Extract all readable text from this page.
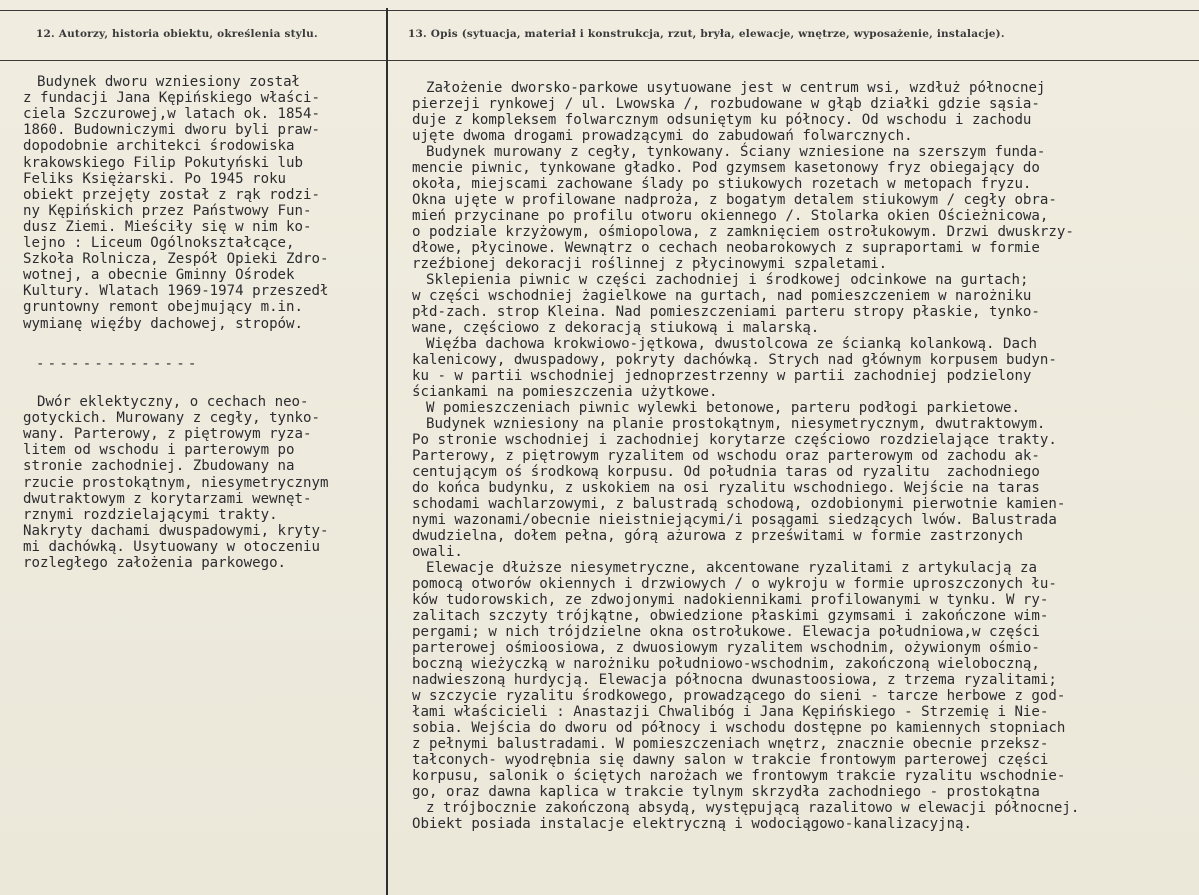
12. Autorzy, historia obiektu, określenia stylu.	13. Opis (sytuacja, materiał i konstrukcja, rzut, bryła, elewacje, wnętrze, wyposażenie, instalacje).
Budynek dworu wzniesiony został
z fundacji Jana Kępińskiego właści-
ciela Szczurowej,w latach ok. 1854-
1860. Budowniczymi dworu byli praw-
dopodobnie architekci środowiska
krakowskiego Filip Pokutyński lub
Feliks Księżarski. Po 1945 roku
obiekt przejęty został z rąk rodzi-
ny Kępińskich przez Państwowy Fun-
dusz Ziemi. Mieściły się w nim ko-
lejno : Liceum Ogólnokształcące,
Szkoła Rolnicza, Zespół Opieki Zdro-
wotnej, a obecnie Gminny Ośrodek
Kultury. Wlatach 1969-1974 przeszedł
gruntowny remont obejmujący m.in.
wymianę więźby dachowej, stropów.
--------------
Dwór eklektyczny, o cechach neo-
gotyckich. Murowany z cegły, tynko-
wany. Parterowy, z piętrowym ryza-
litem od wschodu i parterowym po
stronie zachodniej. Zbudowany na
rzucie prostokątnym, niesymetrycznym
dwutraktowym z korytarzami wewnęt-
rznymi rozdzielającymi trakty.
Nakryty dachami dwuspadowymi, kryty-
mi dachówką. Usytuowany w otoczeniu
rozległego założenia parkowego.
Założenie dworsko-parkowe usytuowane jest w centrum wsi, wzdłuż północnej
pierzeji rynkowej / ul. Lwowska /, rozbudowane w głąb działki gdzie sąsia-
duje z kompleksem folwarcznym odsuniętym ku północy. Od wschodu i zachodu
ujęte dwoma drogami prowadzącymi do zabudowań folwarcznych.
Budynek murowany z cegły, tynkowany. Ściany wzniesione na szerszym funda-
mencie piwnic, tynkowane gładko. Pod gzymsem kasetonowy fryz obiegający do
okoła, miejscami zachowane ślady po stiukowych rozetach w metopach fryzu.
Okna ujęte w profilowane nadproża, z bogatym detalem stiukowym / cegły obra-
mień przycinane po profilu otworu okiennego /. Stolarka okien Ościeżnicowa,
o podziale krzyżowym, ośmiopolowa, z zamknięciem ostrołukowym. Drzwi dwuskrzy-
dłowe, płycinowe. Wewnątrz o cechach neobarokowych z supraportami w formie
rzeźbionej dekoracji roślinnej z płycinowymi szpaletami.
Sklepienia piwnic w części zachodniej i środkowej odcinkowe na gurtach;
w części wschodniej żagielkowe na gurtach, nad pomieszczeniem w narożniku
płd-zach. strop Kleina. Nad pomieszczeniami parteru stropy płaskie, tynko-
wane, częściowo z dekoracją stiukową i malarską.
Więźba dachowa krokwiowo-jętkowa, dwustolcowa ze ścianką kolankową. Dach
kalenicowy, dwuspadowy, pokryty dachówką. Strych nad głównym korpusem budyn-
ku - w partii wschodniej jednoprzestrzenny w partii zachodniej podzielony
ściankami na pomieszczenia użytkowe.
W pomieszczeniach piwnic wylewki betonowe, parteru podłogi parkietowe.
Budynek wzniesiony na planie prostokątnym, niesymetrycznym, dwutraktowym.
Po stronie wschodniej i zachodniej korytarze częściowo rozdzielające trakty.
Parterowy, z piętrowym ryzalitem od wschodu oraz parterowym od zachodu ak-
centującym oś środkową korpusu. Od południa taras od ryzalitu  zachodniego
do końca budynku, z uskokiem na osi ryzalitu wschodniego. Wejście na taras
schodami wachlarzowymi, z balustradą schodową, ozdobionymi pierwotnie kamien-
nymi wazonami/obecnie nieistniejącymi/i posągami siedzących lwów. Balustrada
dwudzielna, dołem pełna, górą ażurowa z prześwitami w formie zastrzonych
owali.
Elewacje dłuższe niesymetryczne, akcentowane ryzalitami z artykulacją za
pomocą otworów okiennych i drzwiowych / o wykroju w formie uproszczonych łu-
ków tudorowskich, ze zdwojonymi nadokiennikami profilowanymi w tynku. W ry-
zalitach szczyty trójkątne, obwiedzione płaskimi gzymsami i zakończone wim-
pergami; w nich trójdzielne okna ostrołukowe. Elewacja południowa,w części
parterowej ośmioosiowa, z dwuosiowym ryzalitem wschodnim, ożywionym ośmio-
boczną wieżyczką w narożniku południowo-wschodnim, zakończoną wieloboczną,
nadwieszoną hurdycją. Elewacja północna dwunastoosiowa, z trzema ryzalitami;
w szczycie ryzalitu środkowego, prowadzącego do sieni - tarcze herbowe z god-
łami właścicieli : Anastazji Chwalibóg i Jana Kępińskiego - Strzemię i Nie-
sobia. Wejścia do dworu od północy i wschodu dostępne po kamiennych stopniach
z pełnymi balustradami. W pomieszczeniach wnętrz, znacznie obecnie przeksz-
tałconych- wyodrębnia się dawny salon w trakcie frontowym parterowej części
korpusu, salonik o ściętych narożach we frontowym trakcie ryzalitu wschodnie-
go, oraz dawna kaplica w trakcie tylnym skrzydła zachodniego - prostokątna
z trójbocznie zakończoną absydą, występującą razalitowo w elewacji północnej.
Obiekt posiada instalacje elektryczną i wodociągowo-kanalizacyjną.
